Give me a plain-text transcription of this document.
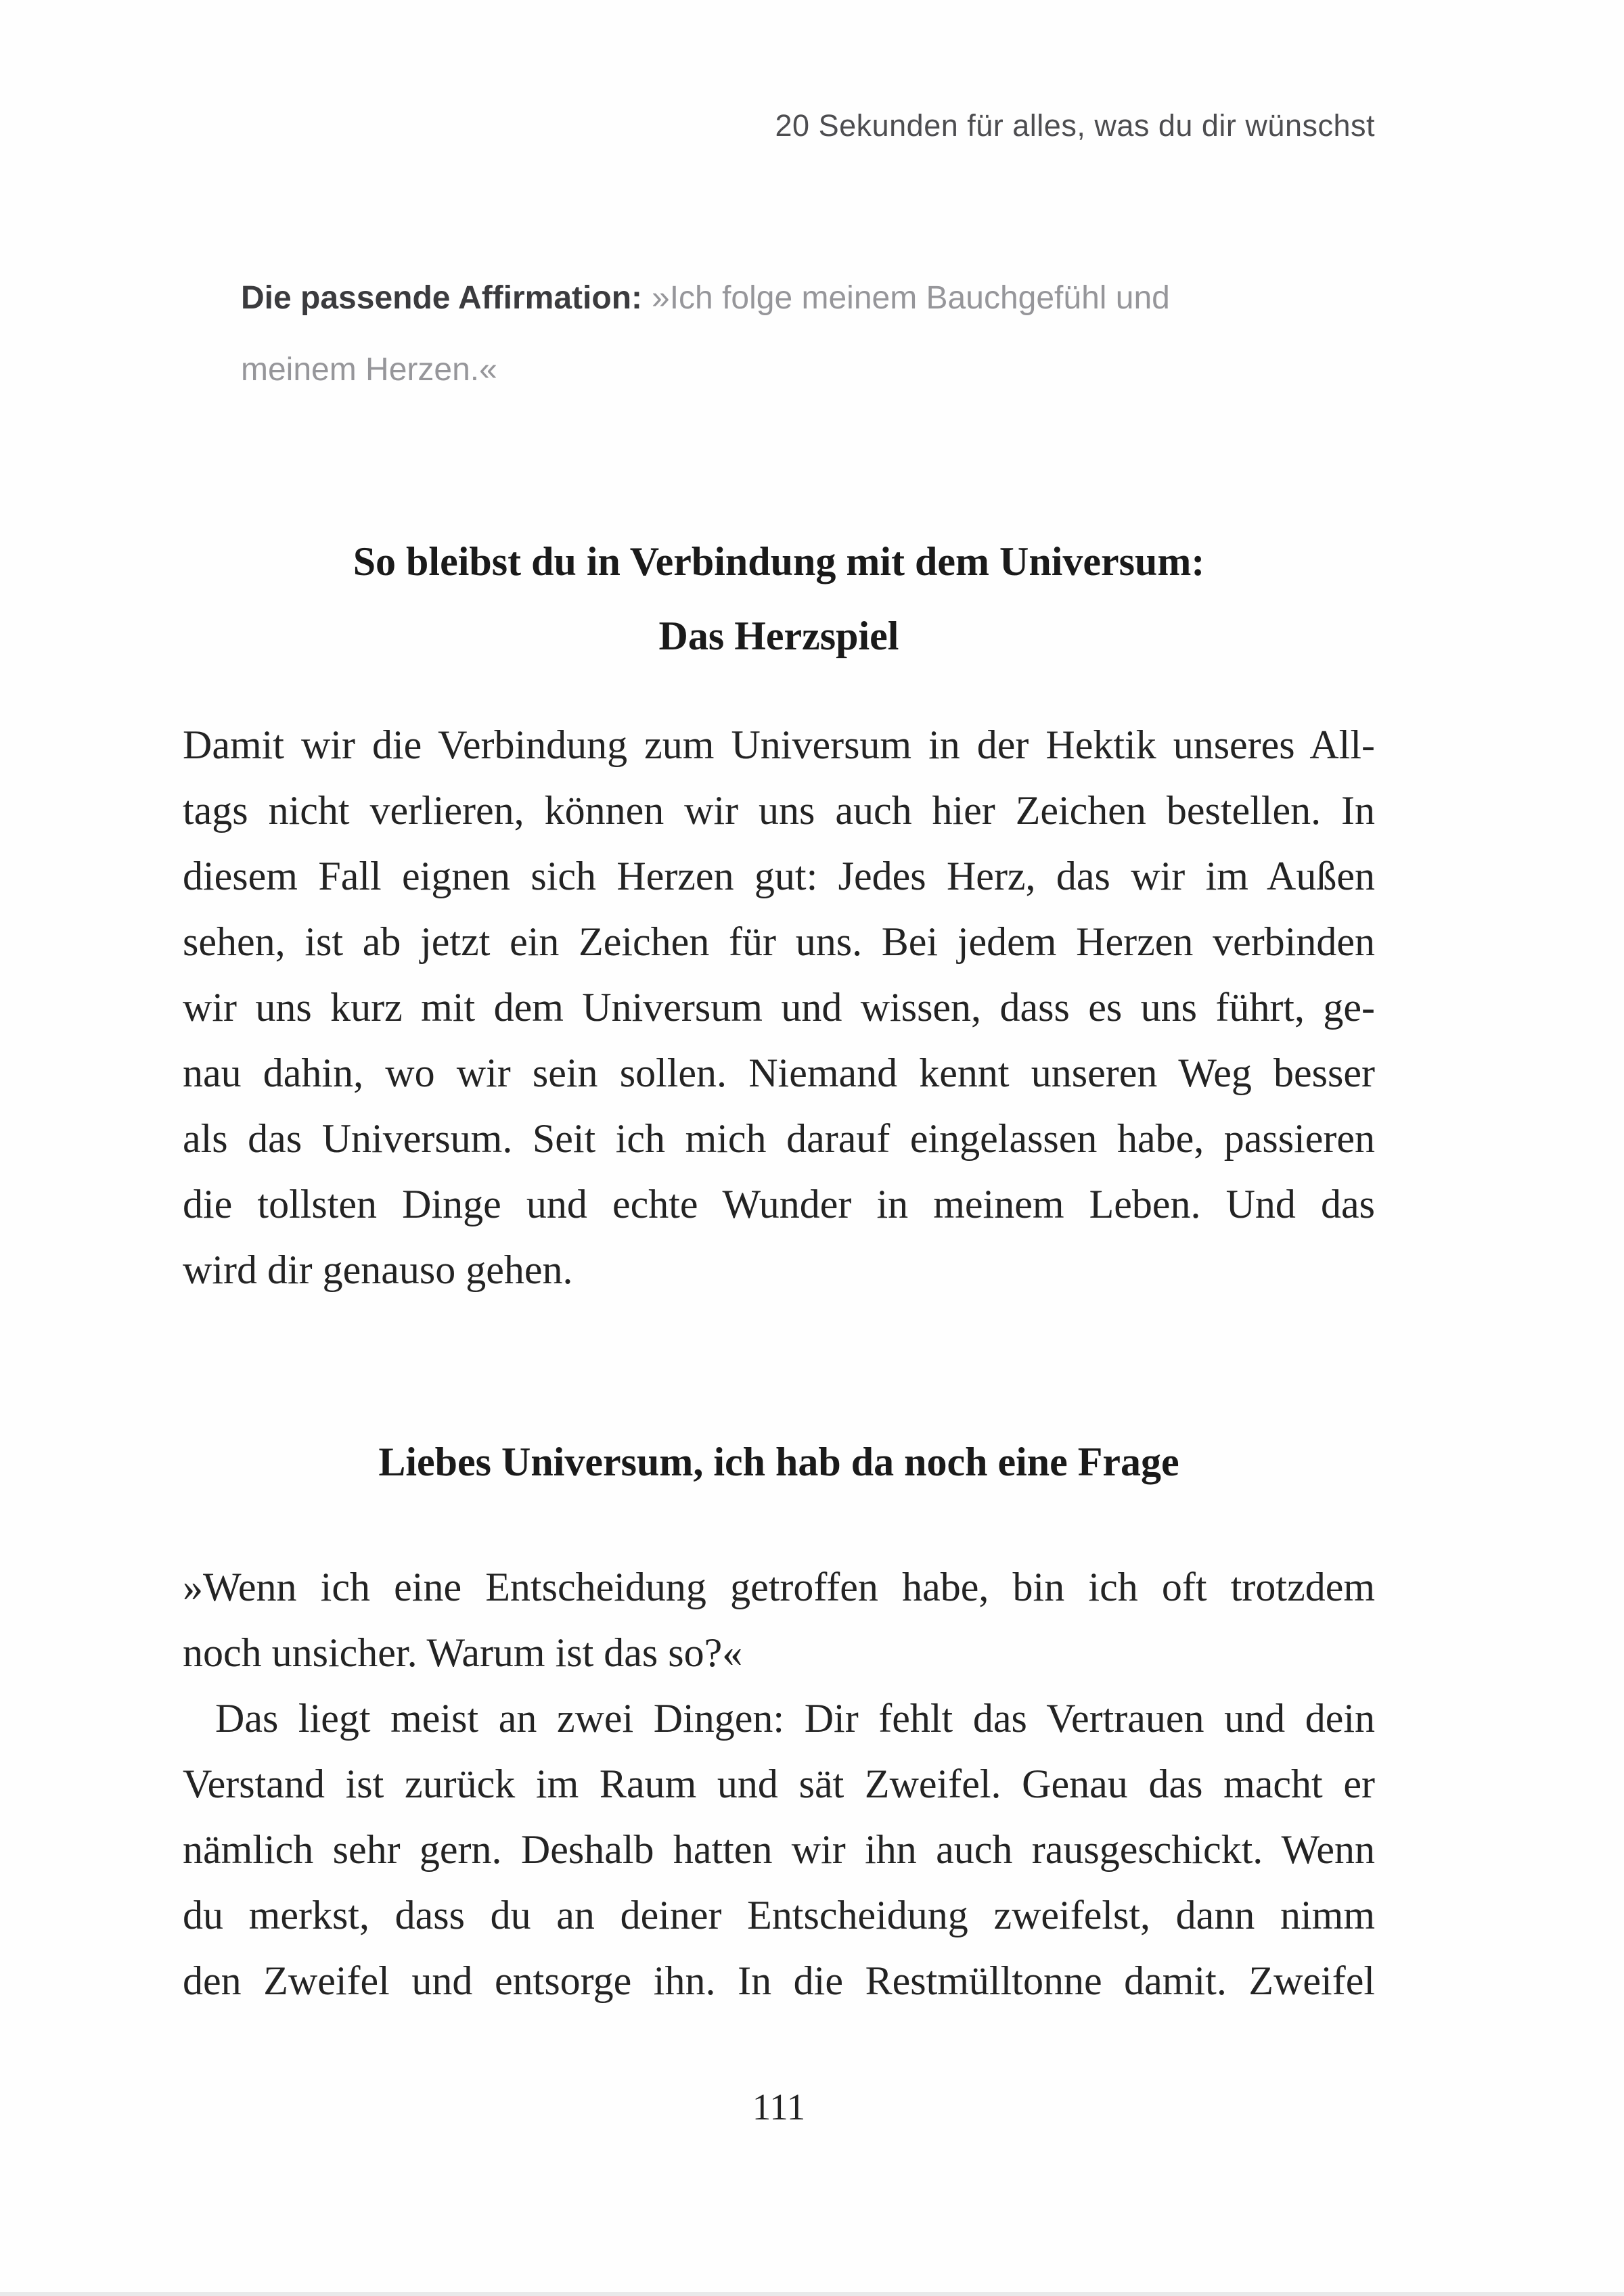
20 Sekunden für alles, was du dir wünschst
Die passende Affirmation: »Ich folge meinem Bauchgefühl und
meinem Herzen.«
So bleibst du in Verbindung mit dem Universum:
Das Herzspiel
Damit wir die Verbindung zum Universum in der Hektik unseres All-
tags nicht verlieren, können wir uns auch hier Zeichen bestellen. In
diesem Fall eignen sich Herzen gut: Jedes Herz, das wir im Außen
sehen, ist ab jetzt ein Zeichen für uns. Bei jedem Herzen verbinden
wir uns kurz mit dem Universum und wissen, dass es uns führt, ge-
nau dahin, wo wir sein sollen. Niemand kennt unseren Weg besser
als das Universum. Seit ich mich darauf eingelassen habe, passieren
die tollsten Dinge und echte Wunder in meinem Leben. Und das
wird dir genauso gehen.
Liebes Universum, ich hab da noch eine Frage
»Wenn ich eine Entscheidung getroffen habe, bin ich oft trotzdem
noch unsicher. Warum ist das so?«
Das liegt meist an zwei Dingen: Dir fehlt das Vertrauen und dein
Verstand ist zurück im Raum und sät Zweifel. Genau das macht er
nämlich sehr gern. Deshalb hatten wir ihn auch rausgeschickt. Wenn
du merkst, dass du an deiner Entscheidung zweifelst, dann nimm
den Zweifel und entsorge ihn. In die Restmülltonne damit. Zweifel
111
